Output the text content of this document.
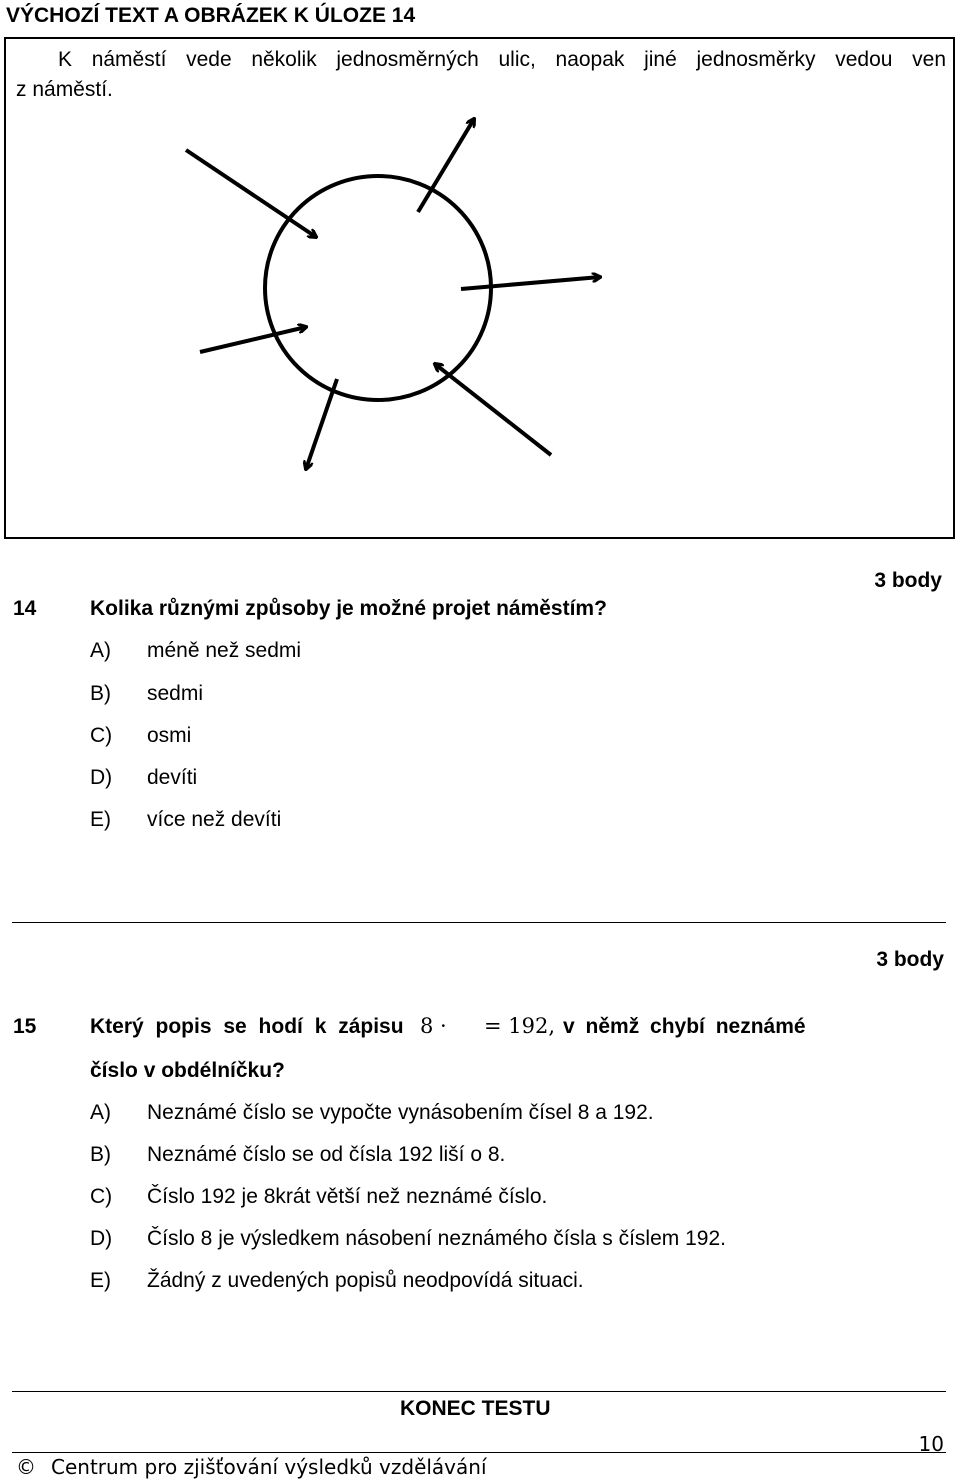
VÝCHOZÍ TEXT A OBRÁZEK K ÚLOZE 14
K náměstí vede několik jednosměrných ulic, naopak jiné jednosměrky vedou ven
z náměstí.
14	Kolika různými způsoby je možné projet náměstím?
3 body
A) méně než sedmi
B) sedmi
C) osmi
D) devíti
E) více než devíti
3 body
15	Který popis se hodí k zápisu 8 · = 192, v němž chybí neznámé
číslo v obdélníčku?
A) Neznámé číslo se vypočte vynásobením čísel 8 a 192.
B) Neznámé číslo se od čísla 192 liší o 8.
C) Číslo 192 je 8krát větší než neznámé číslo.
D) Číslo 8 je výsledkem násobení neznámého čísla s číslem 192.
E) Žádný z uvedených popisů neodpovídá situaci.
KONEC TESTU
10
© Centrum pro zjišťování výsledků vzdělávání
